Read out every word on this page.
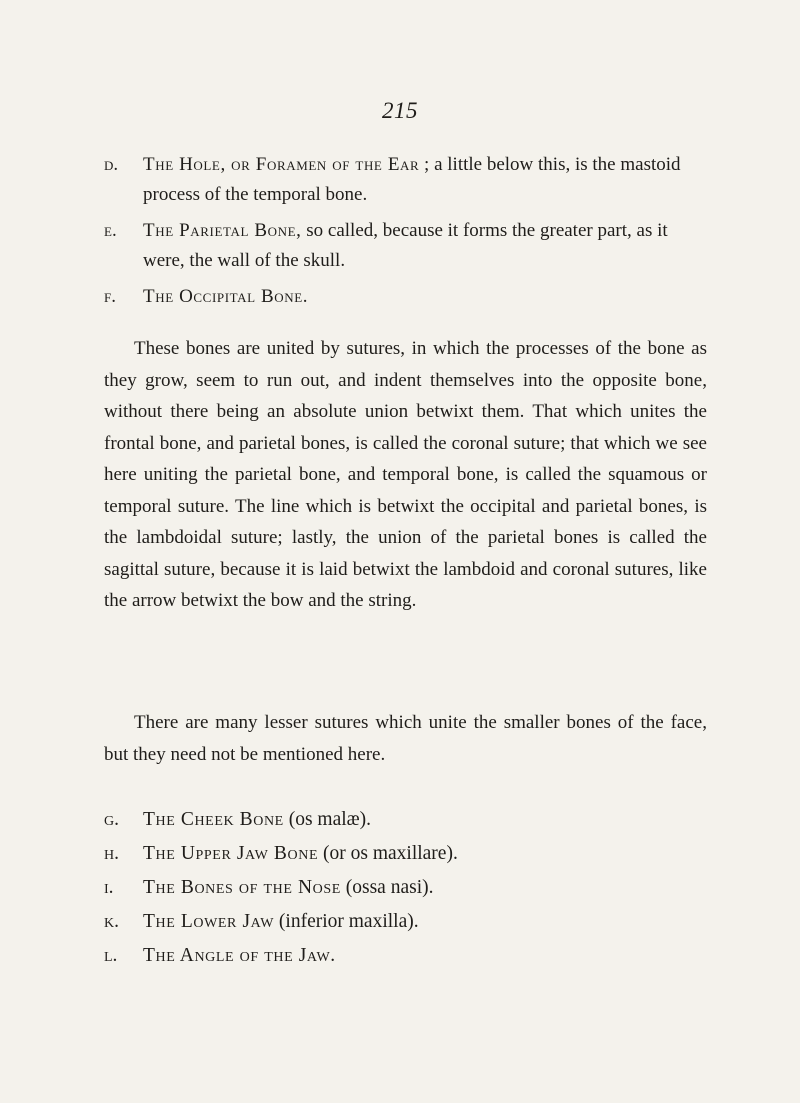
215

d. The Hole, or Foramen of the Ear ; a little below this, is the mastoid process of the temporal bone.

e. The Parietal Bone, so called, because it forms the greater part, as it were, the wall of the skull.

f. The Occipital Bone.

These bones are united by sutures, in which the processes of the bone as they grow, seem to run out, and indent themselves into the opposite bone, without there being an absolute union betwixt them. That which unites the frontal bone, and parietal bones, is called the coronal suture; that which we see here uniting the parietal bone, and temporal bone, is called the squamous or temporal suture. The line which is betwixt the occipital and parietal bones, is the lambdoidal suture; lastly, the union of the parietal bones is called the sagittal suture, because it is laid betwixt the lambdoid and coronal sutures, like the arrow betwixt the bow and the string.

There are many lesser sutures which unite the smaller bones of the face, but they need not be mentioned here.

g. The Cheek Bone (os malæ).

h. The Upper Jaw Bone (or os maxillare).

i. The Bones of the Nose (ossa nasi).

k. The Lower Jaw (inferior maxilla).

l. The Angle of the Jaw.
